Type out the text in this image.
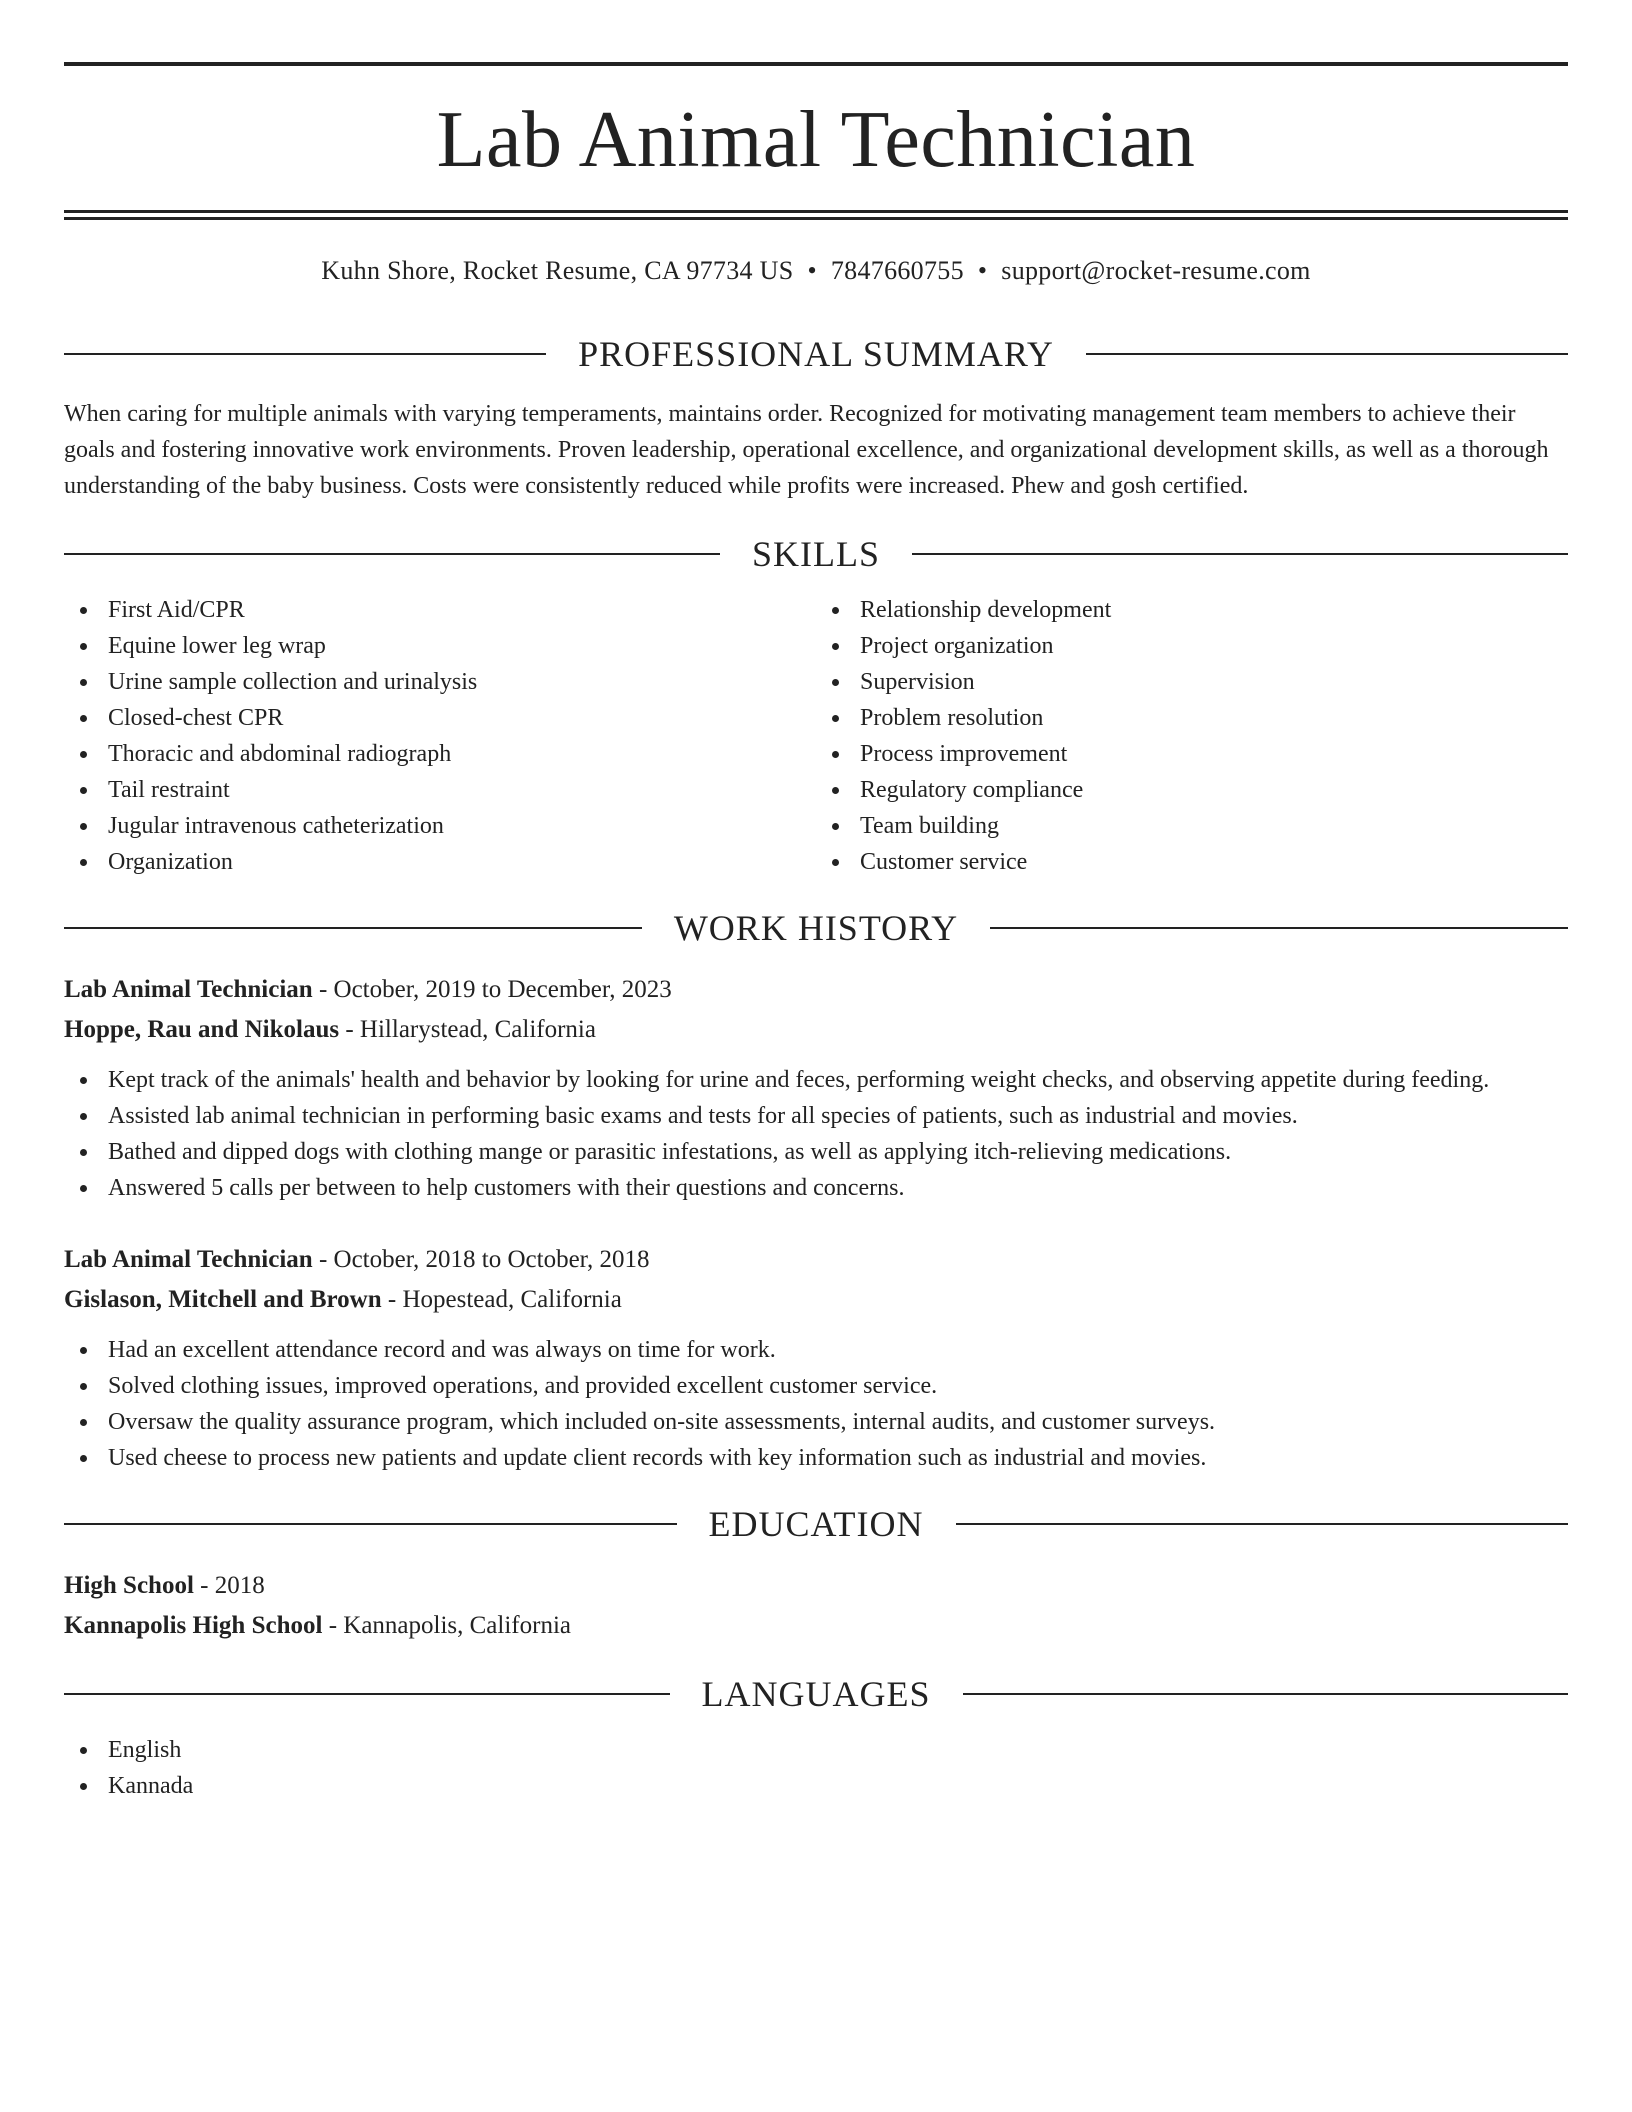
Lab Animal Technician
Kuhn Shore, Rocket Resume, CA 97734 US • 7847660755 • support@rocket-resume.com
PROFESSIONAL SUMMARY
When caring for multiple animals with varying temperaments, maintains order. Recognized for motivating management team members to achieve their goals and fostering innovative work environments. Proven leadership, operational excellence, and organizational development skills, as well as a thorough understanding of the baby business. Costs were consistently reduced while profits were increased. Phew and gosh certified.
SKILLS
First Aid/CPR
Equine lower leg wrap
Urine sample collection and urinalysis
Closed-chest CPR
Thoracic and abdominal radiograph
Tail restraint
Jugular intravenous catheterization
Organization
Relationship development
Project organization
Supervision
Problem resolution
Process improvement
Regulatory compliance
Team building
Customer service
WORK HISTORY
Lab Animal Technician - October, 2019 to December, 2023
Hoppe, Rau and Nikolaus - Hillarystead, California
Kept track of the animals' health and behavior by looking for urine and feces, performing weight checks, and observing appetite during feeding.
Assisted lab animal technician in performing basic exams and tests for all species of patients, such as industrial and movies.
Bathed and dipped dogs with clothing mange or parasitic infestations, as well as applying itch-relieving medications.
Answered 5 calls per between to help customers with their questions and concerns.
Lab Animal Technician - October, 2018 to October, 2018
Gislason, Mitchell and Brown - Hopestead, California
Had an excellent attendance record and was always on time for work.
Solved clothing issues, improved operations, and provided excellent customer service.
Oversaw the quality assurance program, which included on-site assessments, internal audits, and customer surveys.
Used cheese to process new patients and update client records with key information such as industrial and movies.
EDUCATION
High School - 2018
Kannapolis High School - Kannapolis, California
LANGUAGES
English
Kannada
